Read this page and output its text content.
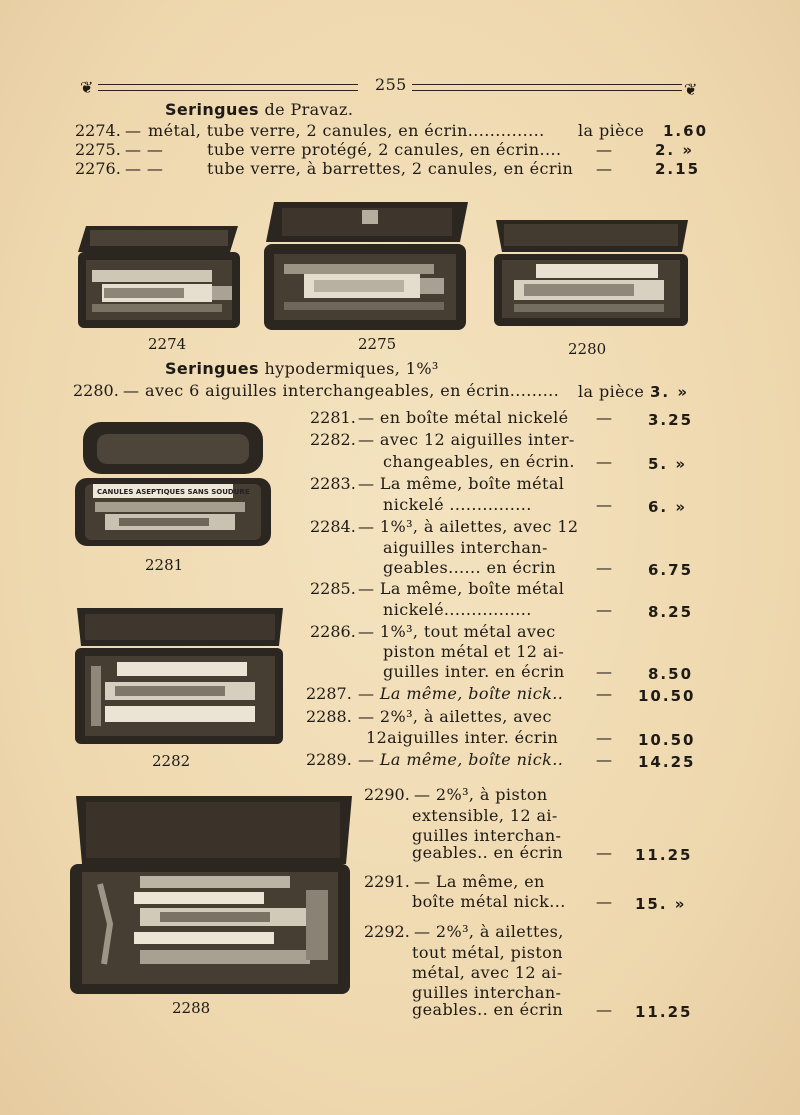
❦	255	❦
Seringues de Pravaz.
2274. — métal, tube verre, 2 canules, en écrin.............. la pièce 1.60
2275. — —	tube verre protégé, 2 canules, en écrin.... —	2. »
2276. — —	tube verre, à barrettes, 2 canules, en écrin —	2.15
2274	2275	2280
Seringues hypodermiques, 1%³
2280. — avec 6 aiguilles interchangeables, en écrin......... la pièce 3. »
2281. — en boîte métal nickelé — 3.25
2282. — avec 12 aiguilles inter-
changeables, en écrin. — 5. »
2283. — La même, boîte métal
nickelé ...............	— 6. »
2284. — 1%³, à ailettes, avec 12
aiguilles interchan-
geables...... en écrin — 6.75
2285. — La même, boîte métal
nickelé................	— 8.25
2286. — 1%³, tout métal avec
piston métal et 12 ai-
guilles inter. en écrin — 8.50
2287. — La même, boîte nick.. — 10.50
2288. — 2%³, à ailettes, avec
12aiguilles inter. écrin — 10.50
2289. — La même, boîte nick.. — 14.25
2290. — 2%³, à piston
extensible, 12 ai-
guilles interchan-
geables.. en écrin — 11.25
2291. — La même, en
boîte métal nick... — 15. »
2292. — 2%³, à ailettes,
tout métal, piston
métal, avec 12 ai-
guilles interchan-
geables.. en écrin — 11.25
CANULES ASEPTIQUES SANS SOUDURE
2281
2282
2288
